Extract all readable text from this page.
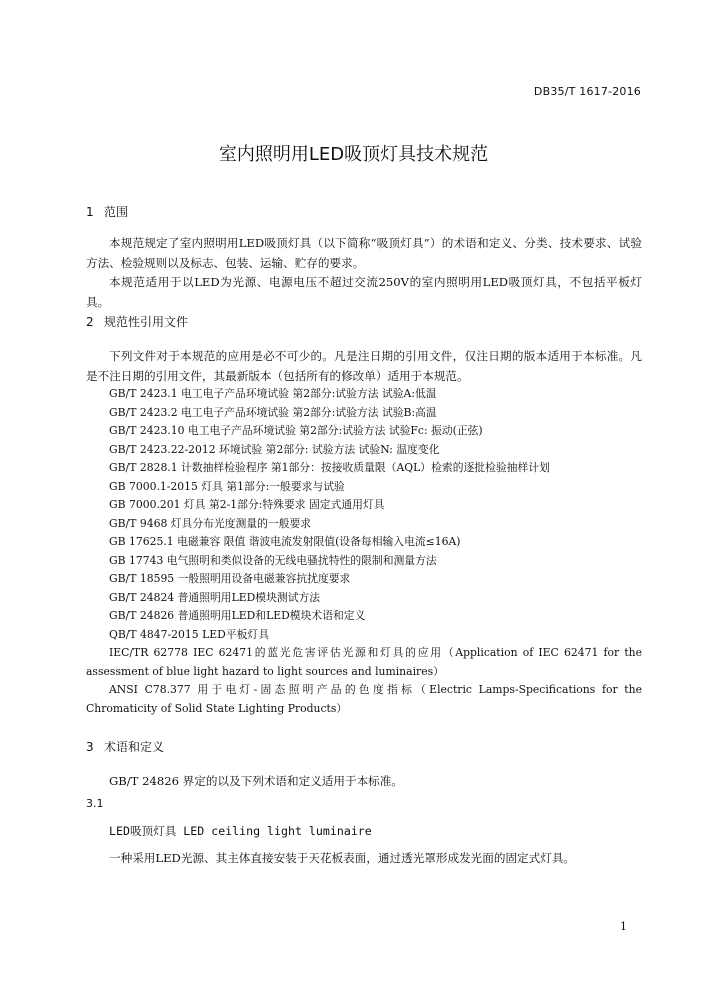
DB35/T 1617-2016
室内照明用LED吸顶灯具技术规范
1 范围

本规范规定了室内照明用LED吸顶灯具（以下简称“吸顶灯具”）的术语和定义、分类、技术要求、试验方法、检验规则以及标志、包装、运输、贮存的要求。

本规范适用于以LED为光源、电源电压不超过交流250V的室内照明用LED吸顶灯具，不包括平板灯具。

2 规范性引用文件

下列文件对于本规范的应用是必不可少的。凡是注日期的引用文件，仅注日期的版本适用于本标准。凡是不注日期的引用文件，其最新版本（包括所有的修改单）适用于本规范。

GB/T 2423.1 电工电子产品环境试验 第2部分:试验方法 试验A:低温
GB/T 2423.2 电工电子产品环境试验 第2部分:试验方法 试验B:高温
GB/T 2423.10 电工电子产品环境试验 第2部分:试验方法 试验Fc: 振动(正弦)
GB/T 2423.22-2012 环境试验 第2部分: 试验方法 试验N: 温度变化
GB/T 2828.1 计数抽样检验程序 第1部分：按接收质量限（AQL）检索的逐批检验抽样计划
GB 7000.1-2015 灯具 第1部分:一般要求与试验
GB 7000.201 灯具 第2-1部分:特殊要求 固定式通用灯具
GB/T 9468 灯具分布光度测量的一般要求
GB 17625.1 电磁兼容 限值 谐波电流发射限值(设备每相输入电流≤16A)
GB 17743 电气照明和类似设备的无线电骚扰特性的限制和测量方法
GB/T 18595 一般照明用设备电磁兼容抗扰度要求
GB/T 24824 普通照明用LED模块测试方法
GB/T 24826 普通照明用LED和LED模块术语和定义
QB/T 4847-2015 LED平板灯具

IEC/TR 62778 IEC 62471的蓝光危害评估光源和灯具的应用（Application of IEC 62471 for the assessment of blue light hazard to light sources and luminaires）

ANSI C78.377 用于电灯-固态照明产品的色度指标（Electric Lamps-Specifications for the Chromaticity of Solid State Lighting Products）

3 术语和定义

GB/T 24826 界定的以及下列术语和定义适用于本标准。

3.1
LED吸顶灯具 LED ceiling light luminaire

一种采用LED光源、其主体直接安装于天花板表面，通过透光罩形成发光面的固定式灯具。

1
